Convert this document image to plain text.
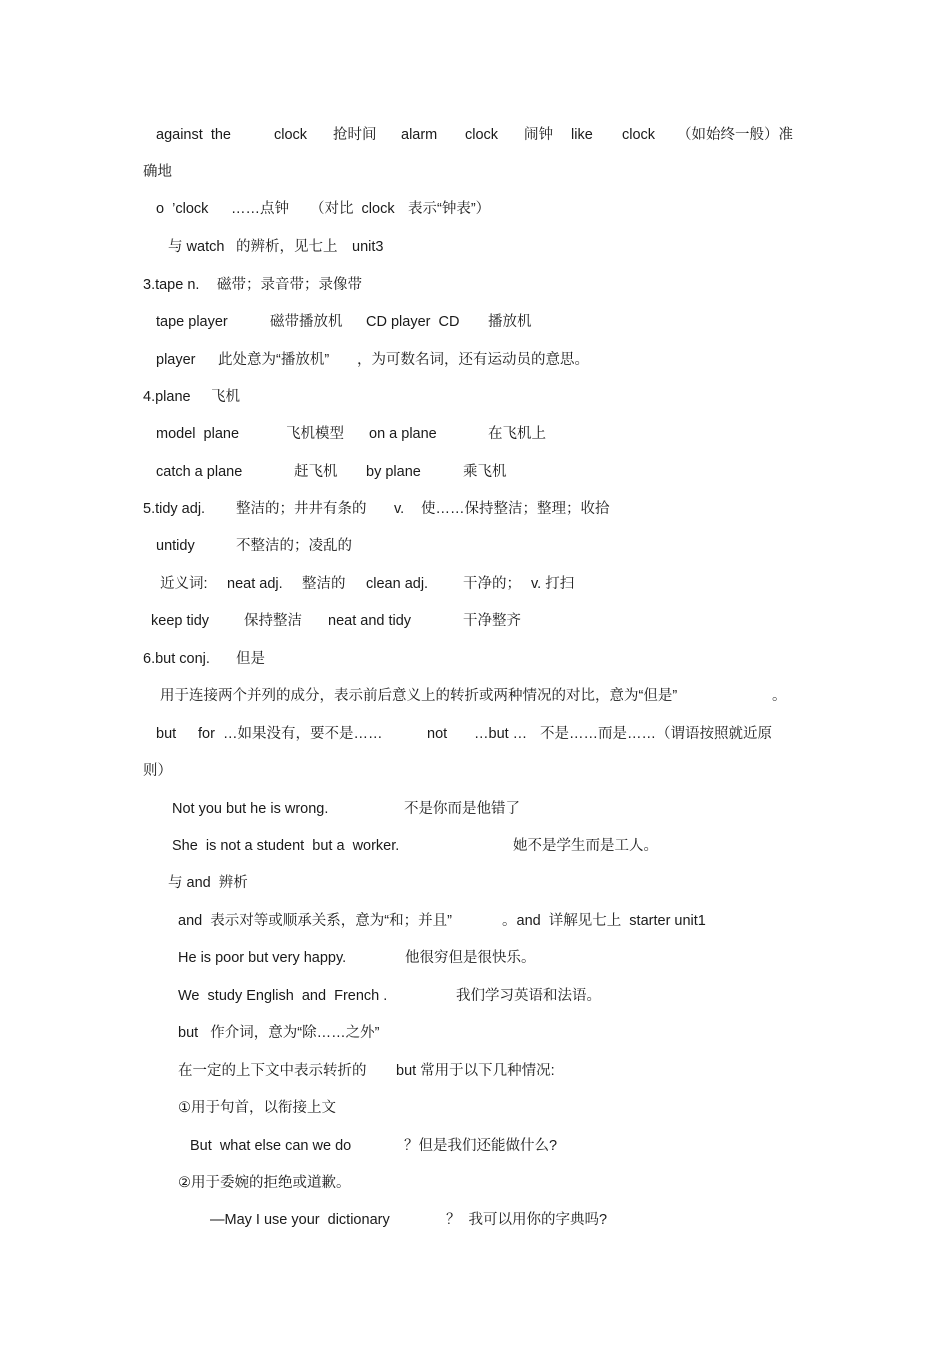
against  the	clock 抢时间 alarm clock 闹钟 like clock （如始终一般）准
确地
o  ’clock ……点钟 （对比  clock 表示“钟表”）
与 watch 的辨析，见七上 unit3
3.tape n. 磁带；录音带；录像带
tape player	磁带播放机 CD player  CD 播放机
player 此处意为“播放机” ，为可数名词，还有运动员的意思。
4.plane 飞机
model  plane	飞机模型 on a plane	在飞机上
catch a plane	赶飞机 by plane	乘飞机
5.tidy adj. 整洁的；井井有条的 v. 使……保持整洁；整理；收拾
untidy	不整洁的；凌乱的
近义词: neat adj. 整洁的 clean adj. 干净的； v. 打扫
keep tidy 保持整洁 neat and tidy	干净整齐
6.but conj. 但是
用于连接两个并列的成分，表示前后意义上的转折或两种情况的对比，意为“但是”	。
but for …如果没有，要不是……	not …but … 不是……而是……（谓语按照就近原
则）
Not you but he is wrong.	不是你而是他错了
She  is not a student  but a  worker.	她不是学生而是工人。
与 and  辨析
and  表示对等或顺承关系，意为“和；并且”	。and  详解见七上  starter unit1
He is poor but very happy.	他很穷但是很快乐。
We  study English  and  French .	我们学习英语和法语。
but   作介词，意为“除……之外”
在一定的上下文中表示转折的 but 常用于以下几种情况:
①用于句首，以衔接上文
But  what else can we do	？但是我们还能做什么?
②用于委婉的拒绝或道歉。
—May I use your  dictionary	？  我可以用你的字典吗?
